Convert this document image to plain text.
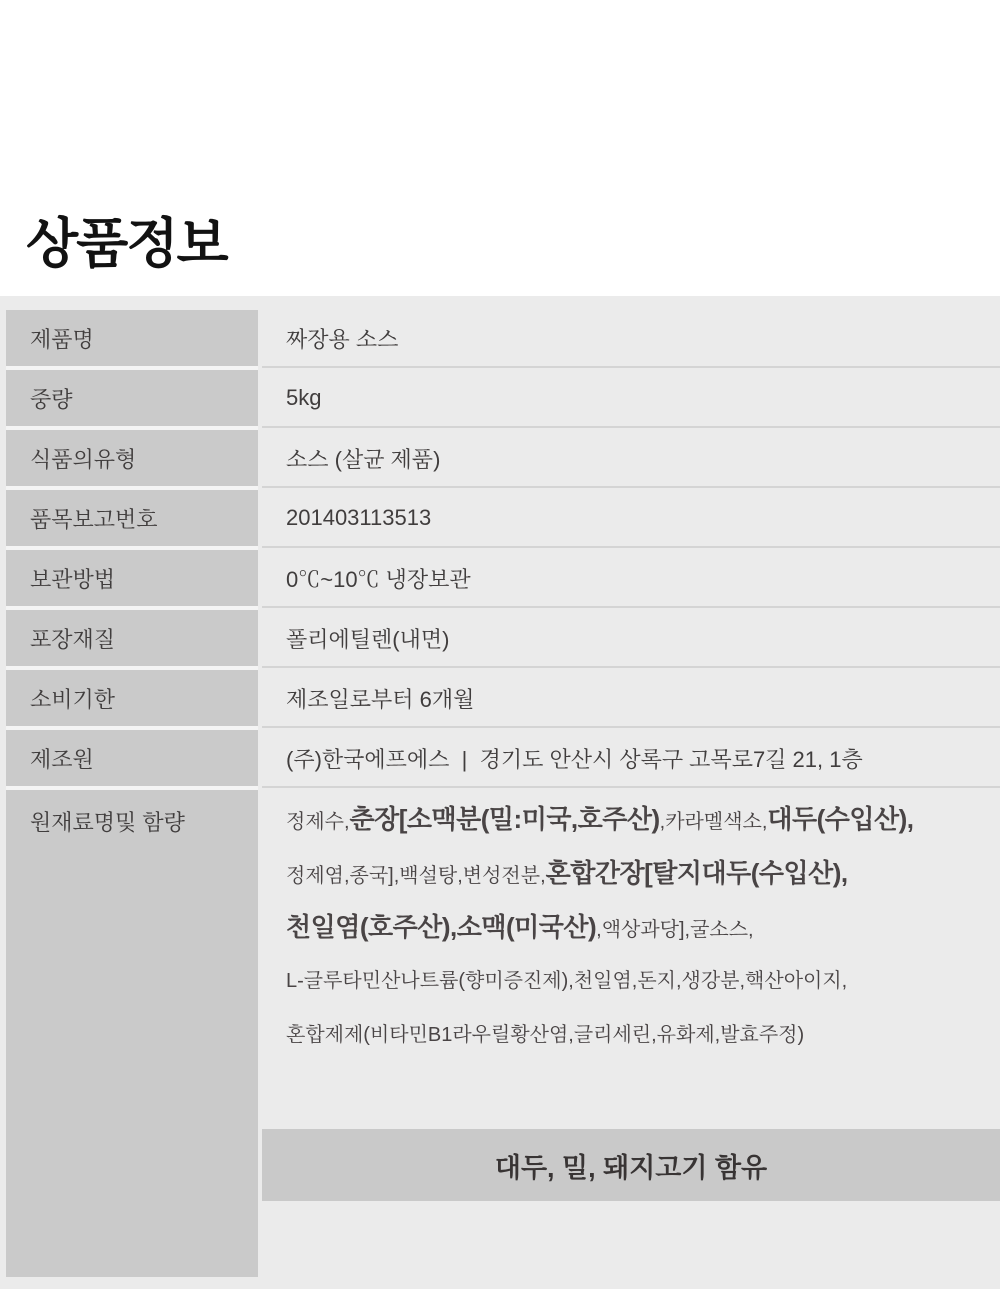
상품정보
제품명	짜장용 소스
중량	5kg
식품의유형	소스 (살균 제품)
품목보고번호	201403113513
보관방법	0℃~10℃ 냉장보관
포장재질	폴리에틸렌(내면)
소비기한	제조일로부터 6개월
제조원	(주)한국에프에스  |  경기도 안산시 상록구 고목로7길 21, 1층
원재료명및 함량	정제수,춘장[소맥분(밀:미국,호주산),카라멜색소,대두(수입산),
정제염,종국],백설탕,변성전분,혼합간장[탈지대두(수입산),
천일염(호주산),소맥(미국산),액상과당],굴소스,
L-글루타민산나트륨(향미증진제),천일염,돈지,생강분,핵산아이지,
혼합제제(비타민B1라우릴황산염,글리세린,유화제,발효주정)
대두, 밀, 돼지고기 함유
